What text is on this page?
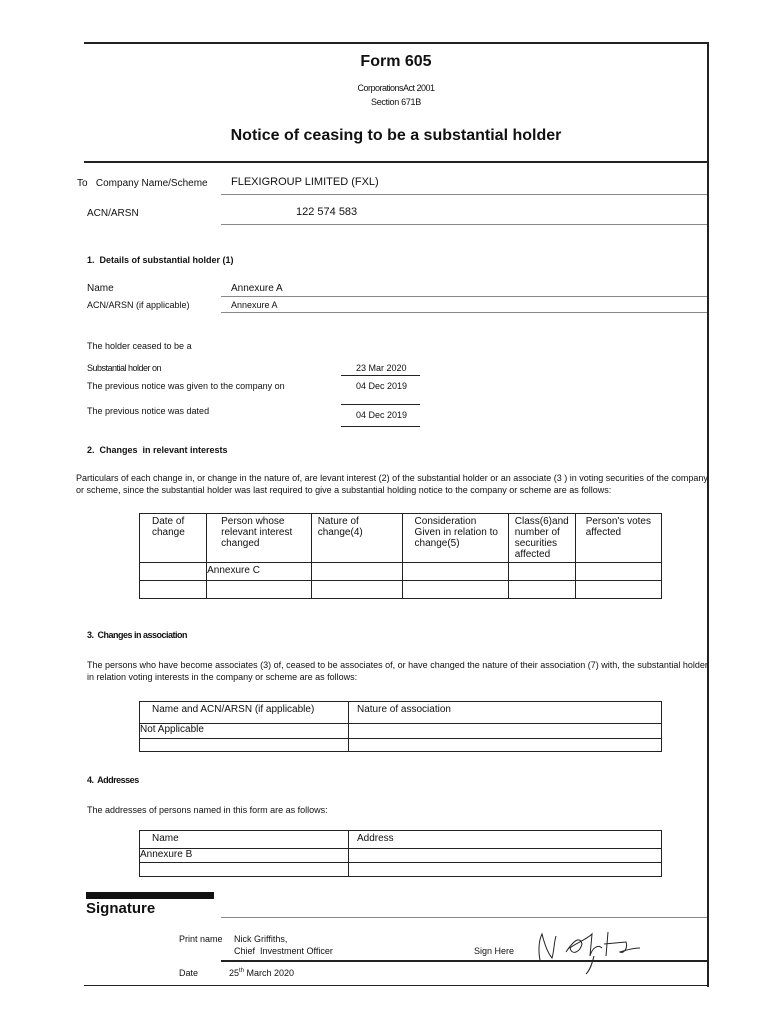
Form 605
CorporationsAct 2001
Section 671B
Notice of ceasing to be a substantial holder
To   Company Name/Scheme FLEXIGROUP LIMITED (FXL)
ACN/ARSN	122 574 583
1.  Details of substantial holder (1)
Name	Annexure A
ACN/ARSN (if applicable)	Annexure A
The holder ceased to be a
Substantial holder on	23 Mar 2020
The previous notice was given to the company on	04 Dec 2019
The previous notice was dated	04 Dec 2019
2.  Changes  in relevant interests
Particulars of each change in, or change in the nature of, are levant interest (2) of the substantial holder or an associate (3 ) in voting securities of the company or scheme, since the substantial holder was last required to give a substantial holding notice to the company or scheme are as follows:
Date of change	Person whose relevant interest changed	Nature of change(4)	Consideration Given in relation to change(5)	Class(6)and number of securities affected	Person's votes affected
	Annexure C				

3.  Changes in association
The persons who have become associates (3) of, ceased to be associates of, or have changed the nature of their association (7) with, the substantial holder in relation voting interests in the company or scheme are as follows:
Name and ACN/ARSN (if applicable)	Nature of association
Not Applicable	

4.  Addresses
The addresses of persons named in this form are as follows:
Name	Address
Annexure B	

Signature
Print name Nick Griffiths,
Chief  Investment Officer	Sign Here
Date	25th March 2020
